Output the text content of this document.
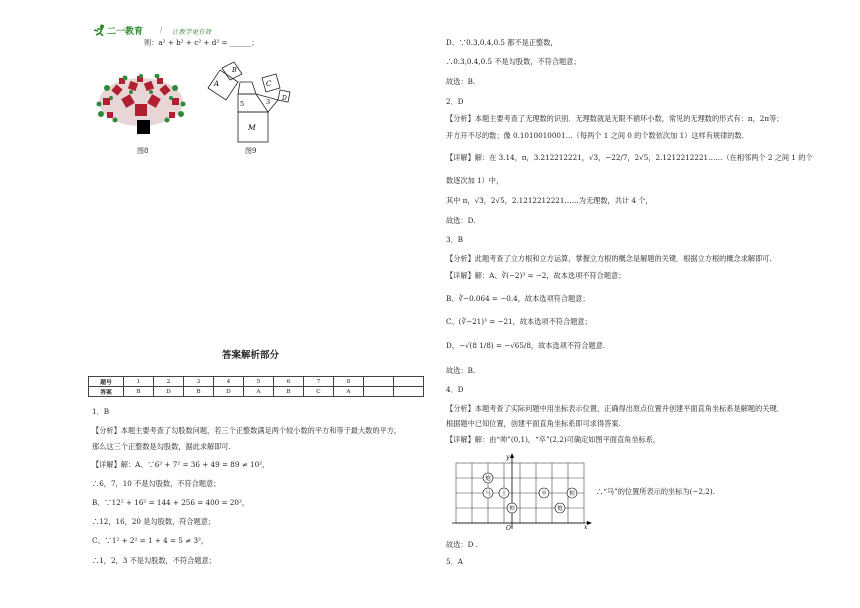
二一教育 / 让教学更有效
则：a² + b² + c² + d² = ______；
图8
A
B
C
D
M
5	3
图9
答案解析部分
题号	1	2	3	4	5	6	7	8		
答案	B	D	B	D	A	B	C	A		
1．B
【分析】本题主要考查了勾股数问题，若三个正整数满足两个较小数的平方和等于最大数的平方，
那么这三个正整数是勾股数，据此求解即可.
【详解】解：A、∵6² + 7² = 36 + 49 = 89 ≠ 10²，
∴6，7，10 不是勾股数，不符合题意；
B、∵12² + 16² = 144 + 256 = 400 = 20²，
∴12，16，20 是勾股数，符合题意；
C、∵1² + 2² = 1 + 4 = 5 ≠ 3²，
∴1，2，3 不是勾股数，不符合题意；
D、∵0.3,0.4,0.5 都不是正整数，
∴0.3,0.4,0.5 不是勾股数，不符合题意；
故选：B.
2．D
【分析】本题主要考查了无理数的识别．无理数就是无限不循环小数，常见的无理数的形式有：π，2π等；
开方开不尽的数；像 0.1010010001…（每两个 1 之间 0 的个数依次加 1）这样有规律的数.
【详解】解：在 3.14，π，3.212212221，√3，−22/7，2√5，2.1212212221……（在相邻两个 2 之间 1 的个
数逐次加 1）中，
其中 π，√3，2√5，2.1212212221……为无理数，共计 4 个，
故选：D.
3．B
【分析】此题考查了立方根和立方运算，掌握立方根的概念是解题的关键．根据立方根的概念求解即可.
【详解】解：A、∛(−2)³ = −2，故本选项不符合题意；
B、∛−0.064 = −0.4，故本选项符合题意；
C、(∛−21)³ = −21，故本选项不符合题意；
D、−√(8 1/8) = −√65/8，故本选项不符合题意.
故选：B.
4．D
【分析】本题考查了实际问题中用坐标表示位置，正确得出原点位置并创建平面直角坐标系是解题的关键．
根据题中已知位置，创建平面直角坐标系即可求得答案.
【详解】解：由“帅”(0,1)，“卒”(2,2)可确定如图平面直角坐标系，
x
y
O
炮
马 士
帅
卒	相
炮
∴“马”的位置所表示的坐标为(−2,2).
故选：D .
5．A
